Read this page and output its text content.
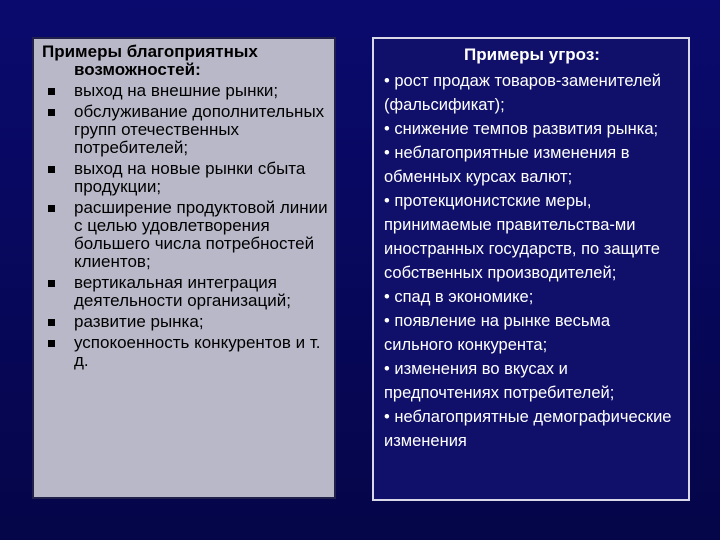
Примеры благоприятных
возможностей:
выход на внешние рынки;
обслуживание дополнительных групп отечественных потребителей;
выход на новые рынки сбыта продукции;
расширение продуктовой линии с целью удовлетворения большего числа потребностей клиентов;
вертикальная интеграция деятельности организаций;
развитие рынка;
успокоенность конкурентов и т. д.
Примеры угроз:
• рост продаж товаров-заменителей (фальсификат);
• снижение темпов развития рынка;
• неблагоприятные изменения в обменных курсах валют;
• протекционистские меры, принимаемые правительства-ми иностранных государств, по защите собственных производителей;
• спад в экономике;
• появление на рынке весьма сильного конкурента;
• изменения во вкусах и предпочтениях потребителей;
• неблагоприятные демографические изменения
